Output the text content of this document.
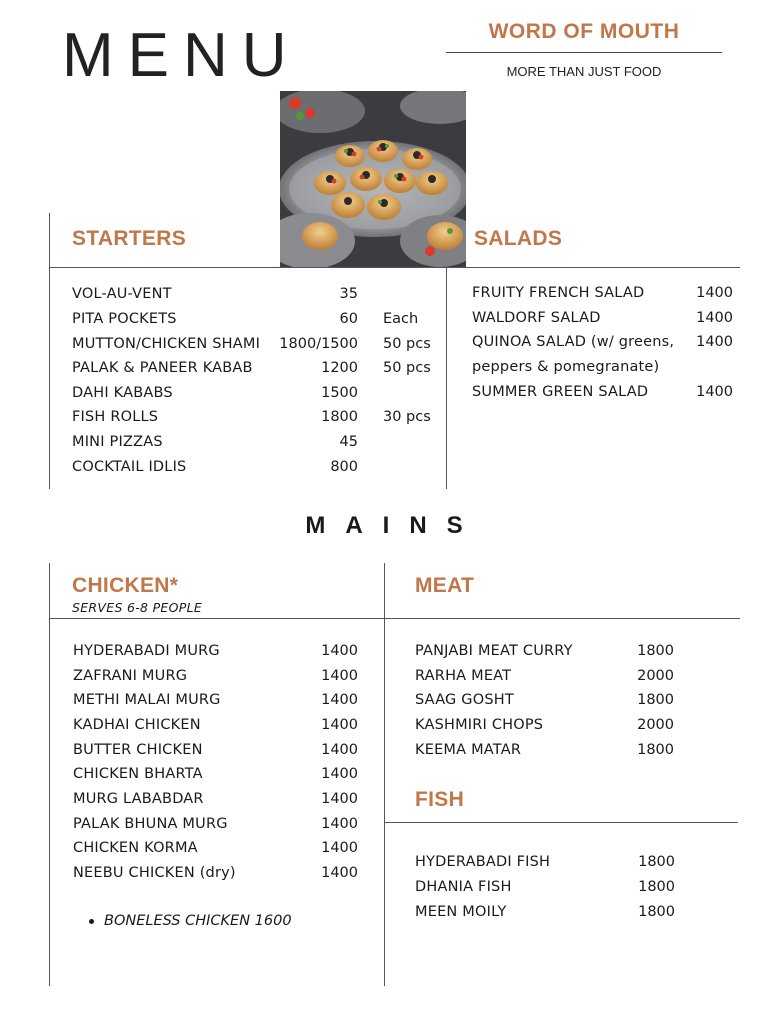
MENU	WORD OF MOUTH
MORE THAN JUST FOOD
STARTERS
VOL-AU-VENT	35
PITA POCKETS	60 Each
MUTTON/CHICKEN SHAMI 1800/1500 50 pcs
PALAK & PANEER KABAB	1200 50 pcs
DAHI KABABS	1500
FISH ROLLS	1800 30 pcs
MINI PIZZAS	45
COCKTAIL IDLIS	800
SALADS
FRUITY FRENCH SALAD	1400
WALDORF SALAD	1400
QUINOA SALAD (w/ greens,
peppers & pomegranate)
1400
SUMMER GREEN SALAD	1400
MAINS
CHICKEN*
SERVES 6-8 PEOPLE
HYDERABADI MURG	1400
ZAFRANI MURG	1400
METHI MALAI MURG	1400
KADHAI CHICKEN	1400
BUTTER CHICKEN	1400
CHICKEN BHARTA	1400
MURG LABABDAR	1400
PALAK BHUNA MURG	1400
CHICKEN KORMA	1400
NEEBU CHICKEN (dry)	1400
BONELESS CHICKEN 1600
MEAT
PANJABI MEAT CURRY	1800
RARHA MEAT	2000
SAAG GOSHT	1800
KASHMIRI CHOPS	2000
KEEMA MATAR	1800
FISH
HYDERABADI FISH	1800
DHANIA FISH	1800
MEEN MOILY	1800
